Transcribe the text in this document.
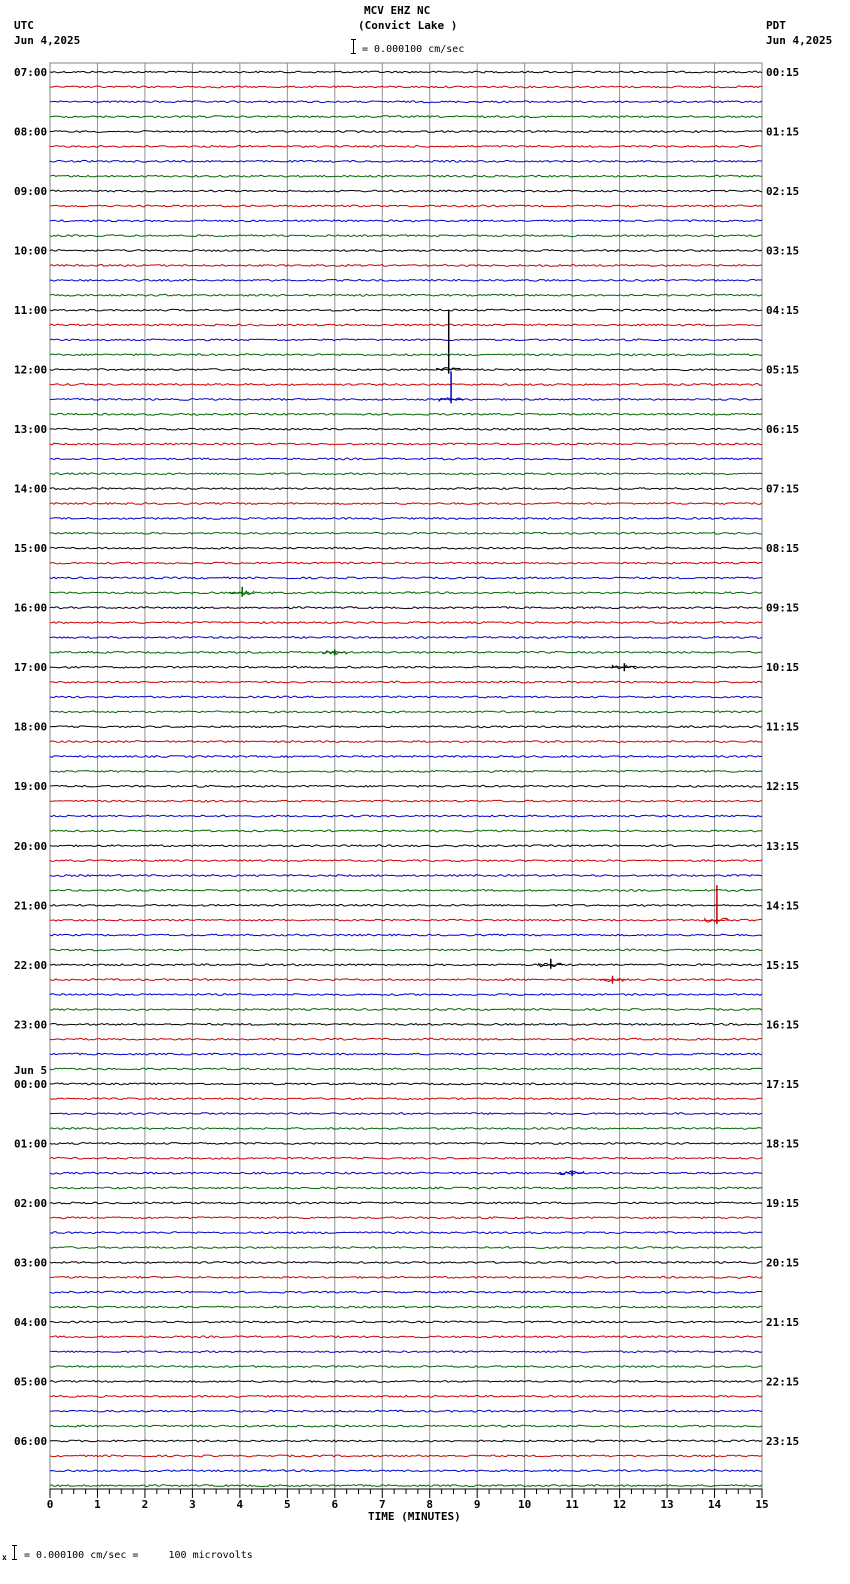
0	1	2	3	4	5	6	7	8	9	10	11	12	13	14	15
07:00
08:00
09:00
10:00
11:00
12:00
13:00
14:00
15:00
16:00
17:00
18:00
19:00
20:00
21:00
22:00
23:00
00:00
01:00
02:00
03:00
04:00
05:00
06:00
00:15
01:15
02:15
03:15
04:15
05:15
06:15
07:15
08:15
09:15
10:15
11:15
12:15
13:15
14:15
15:15
16:15
17:15
18:15
19:15
20:15
21:15
22:15
23:15
Jun 5
MCV EHZ NC
(Convict Lake )
UTC
Jun 4,2025
PDT
Jun 4,2025
= 0.000100 cm/sec
TIME (MINUTES)
x = 0.000100 cm/sec =     100 microvolts
